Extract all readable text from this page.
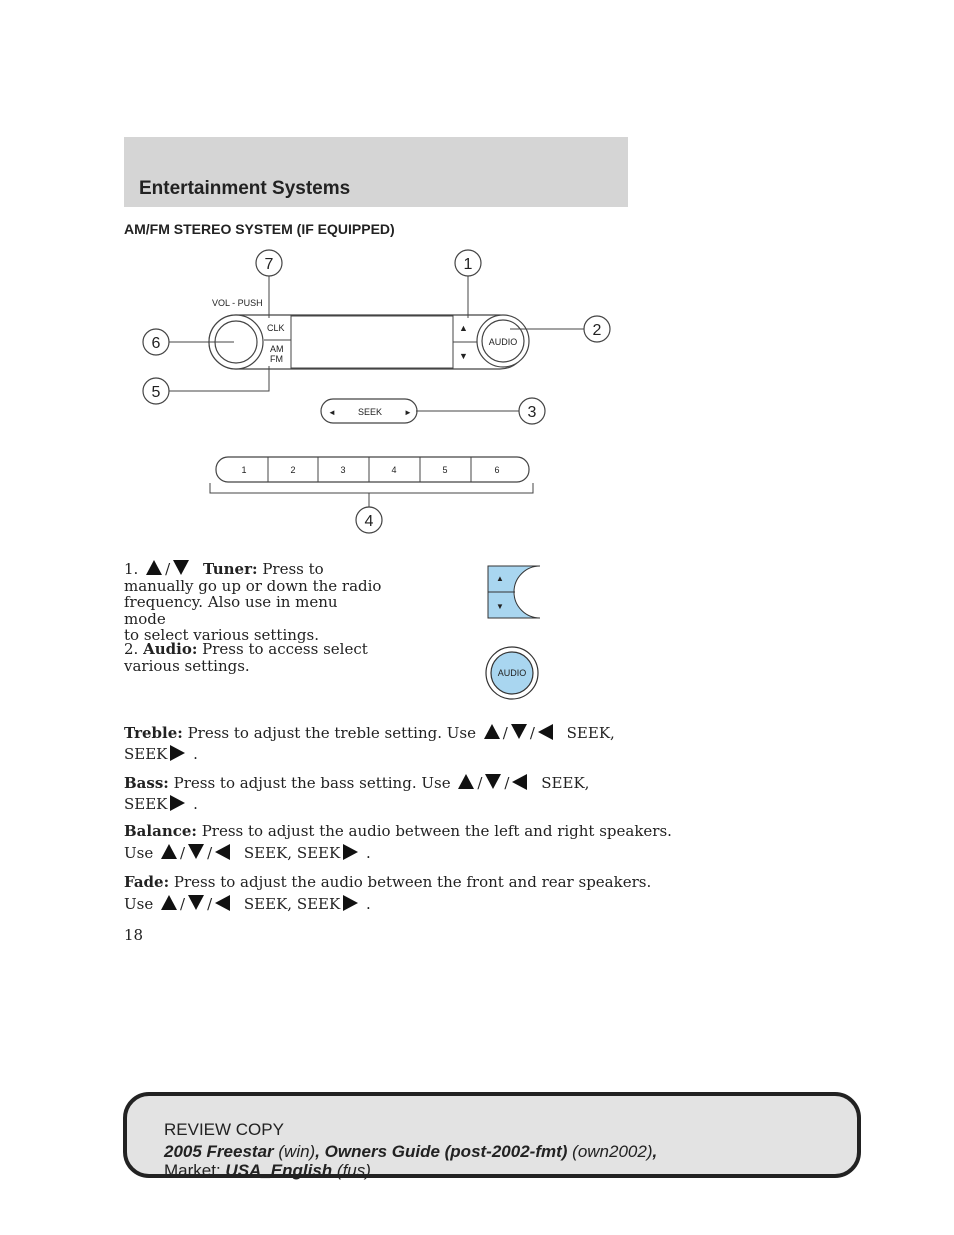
Entertainment Systems
AM/FM STEREO SYSTEM (IF EQUIPPED)
CLK
AM
FM
▲
▼
AUDIO
VOL - PUSH
◄ SEEK	►
1	2	3	4	5	6
7	1
2
6
5
3
4
▲
▼
AUDIO
1. / Tuner: Press to
manually go up or down the radio
frequency. Also use in menu mode
to select various settings.
2. Audio: Press to access select
various settings.
Treble: Press to adjust the treble setting. Use / / SEEK,
SEEK .
Bass: Press to adjust the bass setting. Use / / SEEK,
SEEK .
Balance: Press to adjust the audio between the left and right speakers.
Use / / SEEK, SEEK .
Fade: Press to adjust the audio between the front and rear speakers.
Use / / SEEK, SEEK .
18
REVIEW COPY
2005 Freestar (win), Owners Guide (post-2002-fmt) (own2002),
Market: USA_English (fus)
